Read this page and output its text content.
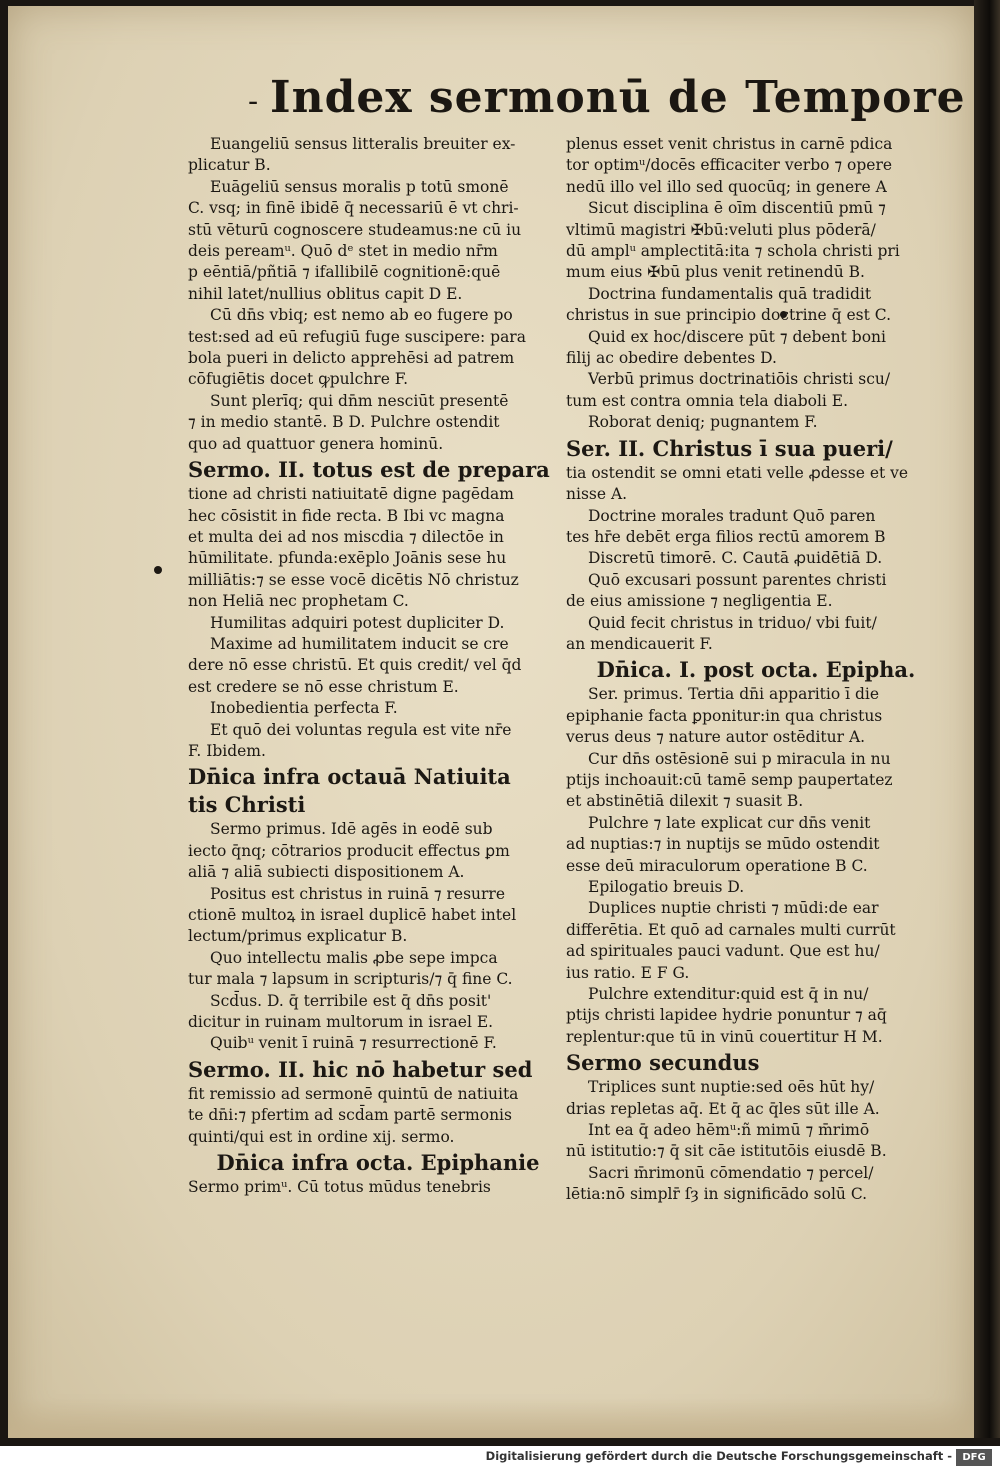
- Index sermonū de Tempore

Euangeliū sensus litteralis breuiter ex-

plicatur B.

Euāgeliū sensus moralis p totū smonē

C. vsq; in finē ibidē q̄ necessariū ē vt chri-

stū vēturū cognoscere studeamus:ne cū iu

deis pereamᵘ. Quō dᵉ stet in medio nr̄m

p eēntiā/pñtiā ⁊ ifallibilē cognitionē:quē

nihil latet/nullius oblitus capit D E.

Cū dn̄s vbiq; est nemo ab eo fugere po

test:sed ad eū refugiū fuge suscipere: para

bola pueri in delicto apprehēsi ad patrem

cōfugiētis docet ꝙpulchre F.

Sunt plerīq; qui dn̄m nesciūt presentē

⁊ in medio stantē. B D. Pulchre ostendit

quo ad quattuor genera hominū.

Sermo. II. totus est de prepara

tione ad christi natiuitatē digne pagēdam

hec cōsistit in fide recta. B Ibi vc magna

et multa dei ad nos miscdia ⁊ dilectōe in

hūmilitate. pfunda:exēplo Joānis sese hu

milliātis:⁊ se esse vocē dicētis Nō christuz

non Heliā nec prophetam C.

Humilitas adquiri potest dupliciter D.

Maxime ad humilitatem inducit se cre

dere nō esse christū. Et quis credit/ vel q̄d

est credere se nō esse christum E.

Inobedientia perfecta F.

Et quō dei voluntas regula est vite nr̄e

F. Ibidem.

Dn̄ica infra octauā Natiuita

tis Christi

Sermo primus. Idē agēs in eodē sub

iecto q̄nq; cōtrarios producit effectus ꝑm

aliā ⁊ aliā subiecti dispositionem A.

Positus est christus in ruinā ⁊ resurre

ctionē multoꝝ in israel duplicē habet intel

lectum/primus explicatur B.

Quo intellectu malis ꝓbe sepe impca

tur mala ⁊ lapsum in scripturis/⁊ q̄ fine C.

Scd̄us. D. q̄ terribile est q̄ dn̄s posit'

dicitur in ruinam multorum in israel E.

Quibᵘ venit ī ruinā ⁊ resurrectionē F.

Sermo. II. hic nō habetur sed

fit remissio ad sermonē quintū de natiuita

te dn̄i:⁊ pfertim ad scd̄am partē sermonis

quinti/qui est in ordine xij. sermo.

Dn̄ica infra octa. Epiphanie

Sermo primᵘ. Cū totus mūdus tenebris

plenus esset venit christus in carnē pdica

tor optimᵘ/docēs efficaciter verbo ⁊ opere

nedū illo vel illo sed quocūq; in genere A

Sicut disciplina ē oīm discentiū pmū ⁊

vltimū magistri ✠bū:veluti plus pōderā/

dū amplᵘ amplectitā:ita ⁊ schola christi pri

mum eius ✠bū plus venit retinendū B.

Doctrina fundamentalis quā tradidit

christus in sue principio doctrine q̄ est C.

Quid ex hoc/discere pūt ⁊ debent boni

filij ac obedire debentes D.

Verbū primus doctrinatiōis christi scu/

tum est contra omnia tela diaboli E.

Roborat deniq; pugnantem F.

Ser. II. Christus ī sua pueri/

tia ostendit se omni etati velle ꝓdesse et ve

nisse A.

Doctrine morales tradunt Quō paren

tes hr̄e debēt erga filios rectū amorem B

Discretū timorē. C. Cautā ꝓuidētiā D.

Quō excusari possunt parentes christi

de eius amissione ⁊ negligentia E.

Quid fecit christus in triduo/ vbi fuit/

an mendicauerit F.

Dn̄ica. I. post octa. Epipha.

Ser. primus. Tertia dn̄i apparitio ī die

epiphanie facta ꝑponitur:in qua christus

verus deus ⁊ nature autor ostēditur A.

Cur dn̄s ostēsionē sui p miracula in nu

ptijs inchoauit:cū tamē semp paupertatez

et abstinētiā dilexit ⁊ suasit B.

Pulchre ⁊ late explicat cur dn̄s venit

ad nuptias:⁊ in nuptijs se mūdo ostendit

esse deū miraculorum operatione B C.

Epilogatio breuis D.

Duplices nuptie christi ⁊ mūdi:de ear

differētia. Et quō ad carnales multi currūt

ad spirituales pauci vadunt. Que est hu/

ius ratio. E F G.

Pulchre extenditur:quid est q̄ in nu/

ptijs christi lapidee hydrie ponuntur ⁊ aq̄

replentur:que tū in vinū couertitur H M.

Sermo secundus

Triplices sunt nuptie:sed oēs hūt hy/

drias repletas aq̄. Et q̄ ac q̄les sūt ille A.

Int ea q̄ adeo hēmᵘ:ñ mimū ⁊ m̄rimō

nū istitutio:⁊ q̄ sit cāe istitutōis eiusdē B.

Sacri m̄rimonū cōmendatio ⁊ percel/

lētia:nō simplr̄ ſȝ in significādo solū C.

Digitalisierung gefördert durch die Deutsche Forschungsgemeinschaft -	DFG
